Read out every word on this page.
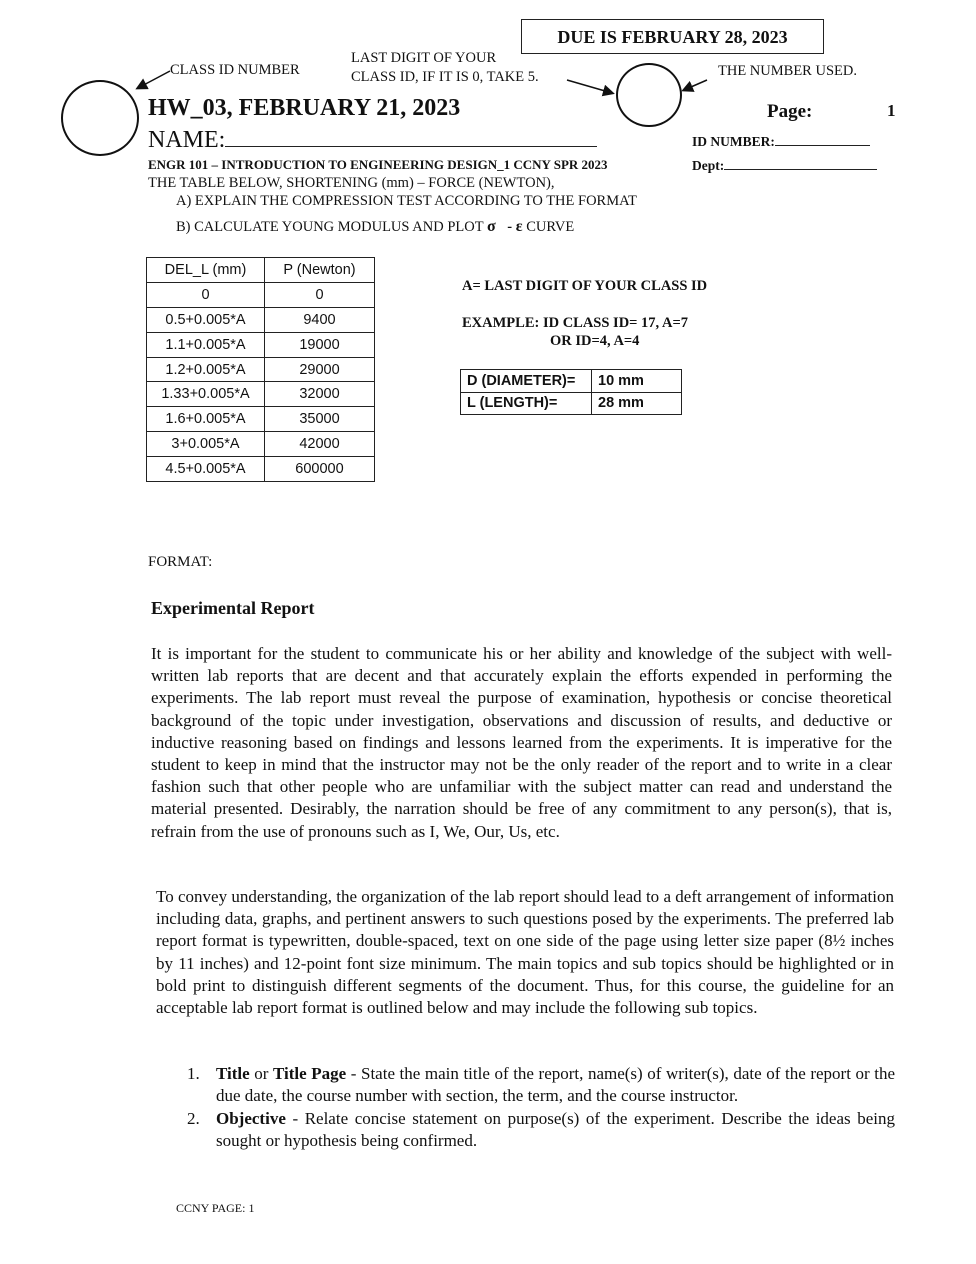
DUE IS FEBRUARY 28, 2023
CLASS ID NUMBER
LAST DIGIT OF YOUR
CLASS ID, IF IT IS 0, TAKE 5.	THE NUMBER USED.
HW_03, FEBRUARY 21, 2023	Page:	1
NAME:	ID NUMBER:
Dept:
ENGR 101 – INTRODUCTION TO ENGINEERING DESIGN_1 CCNY SPR 2023
THE TABLE BELOW, SHORTENING (mm) – FORCE (NEWTON),
A) EXPLAIN THE COMPRESSION TEST ACCORDING TO THE FORMAT
B) CALCULATE YOUNG MODULUS AND PLOT σ - ε CURVE
DEL_L (mm)	P (Newton)
0	0
0.5+0.005*A	9400
1.1+0.005*A	19000
1.2+0.005*A	29000
1.33+0.005*A	32000
1.6+0.005*A	35000
3+0.005*A	42000
4.5+0.005*A	600000
A= LAST DIGIT OF YOUR CLASS ID
EXAMPLE: ID CLASS ID= 17, A=7
OR ID=4, A=4
D (DIAMETER)=	10 mm
L (LENGTH)=	28 mm
FORMAT:
Experimental Report
It is important for the student to communicate his or her ability and knowledge of the subject with well-written lab reports that are decent and that accurately explain the efforts expended in performing the experiments. The lab report must reveal the purpose of examination, hypothesis or concise theoretical background of the topic under investigation, observations and discussion of results, and deductive or inductive reasoning based on findings and lessons learned from the experiments. It is imperative for the student to keep in mind that the instructor may not be the only reader of the report and to write in a clear fashion such that other people who are unfamiliar with the subject matter can read and understand the material presented. Desirably, the narration should be free of any commitment to any person(s), that is, refrain from the use of pronouns such as I, We, Our, Us, etc.
To convey understanding, the organization of the lab report should lead to a deft arrangement of information including data, graphs, and pertinent answers to such questions posed by the experiments. The preferred lab report format is typewritten, double-spaced, text on one side of the page using letter size paper (8½ inches by 11 inches) and 12-point font size minimum. The main topics and sub topics should be highlighted or in bold print to distinguish different segments of the document. Thus, for this course, the guideline for an acceptable lab report format is outlined below and may include the following sub topics.
1. Title or Title Page - State the main title of the report, name(s) of writer(s), date of the report or the due date, the course number with section, the term, and the course instructor.
2. Objective - Relate concise statement on purpose(s) of the experiment. Describe the ideas being sought or hypothesis being confirmed.
CCNY PAGE: 1
